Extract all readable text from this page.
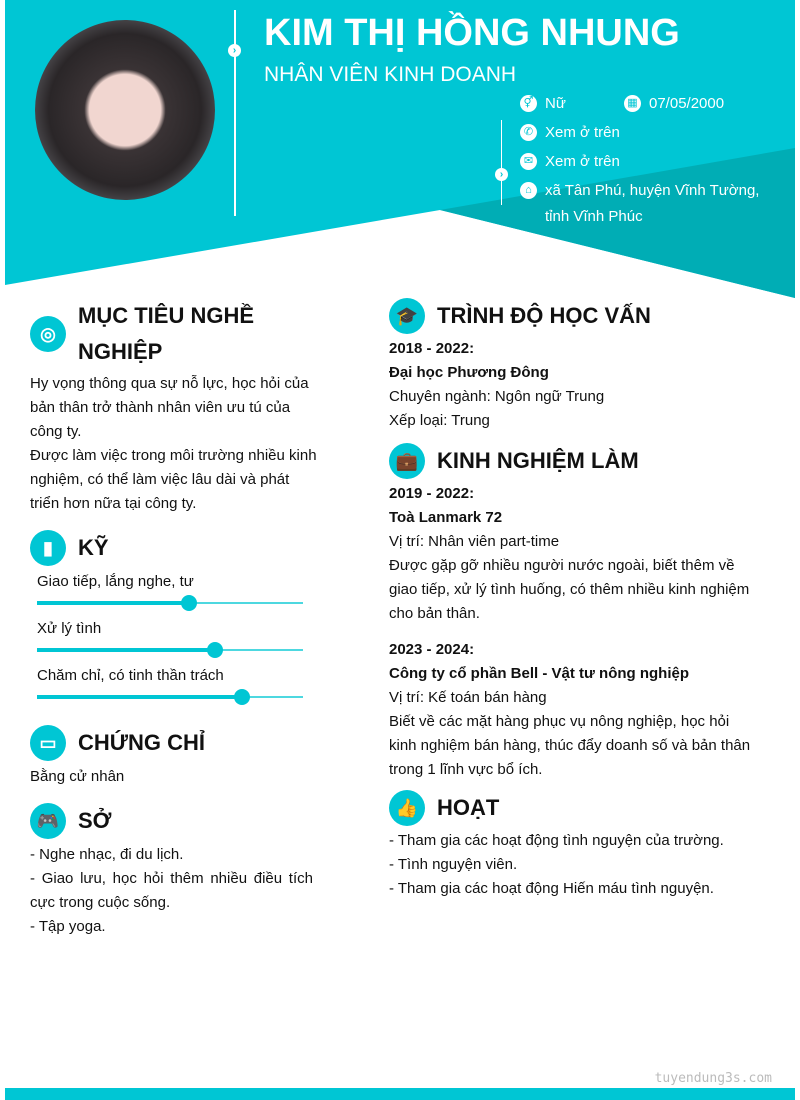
› KIM THỊ HỒNG NHUNG
NHÂN VIÊN KINH DOANH
›
⚥ Nữ	▦ 07/05/2000
✆ Xem ở trên
✉ Xem ở trên
⌂ xã Tân Phú, huyện Vĩnh Tường, tỉnh Vĩnh Phúc
◎
MỤC TIÊU NGHỀ NGHIỆP
Hy vọng thông qua sự nỗ lực, học hỏi của bản thân trở thành nhân viên ưu tú của công ty.
Được làm việc trong môi trường nhiều kinh nghiệm, có thể làm việc lâu dài và phát triển hơn nữa tại công ty.
▮	KỸ
Giao tiếp, lắng nghe, tư
Xử lý tình
Chăm chỉ, có tinh thần trách
▭ CHỨNG CHỈ
Bằng cử nhân
🎮 SỞ
- Nghe nhạc, đi du lịch.
- Giao lưu, học hỏi thêm nhiều điều tích cực trong cuộc sống.
- Tập yoga.
🎓 TRÌNH ĐỘ HỌC VẤN
2018 - 2022:
Đại học Phương Đông
Chuyên ngành: Ngôn ngữ Trung
Xếp loại: Trung
💼 KINH NGHIỆM LÀM
2019 - 2022:
Toà Lanmark 72
Vị trí: Nhân viên part-time
Được gặp gỡ nhiều người nước ngoài, biết thêm về giao tiếp, xử lý tình huống, có thêm nhiều kinh nghiệm cho bản thân.
2023 - 2024:
Công ty cổ phần Bell - Vật tư nông nghiệp
Vị trí: Kế toán bán hàng
Biết về các mặt hàng phục vụ nông nghiệp, học hỏi kinh nghiệm bán hàng, thúc đẩy doanh số và bản thân trong 1 lĩnh vực bổ ích.
👍 HOẠT
- Tham gia các hoạt động tình nguyện của trường.
- Tình nguyện viên.
- Tham gia các hoạt động Hiến máu tình nguyện.
tuyendung3s.com
